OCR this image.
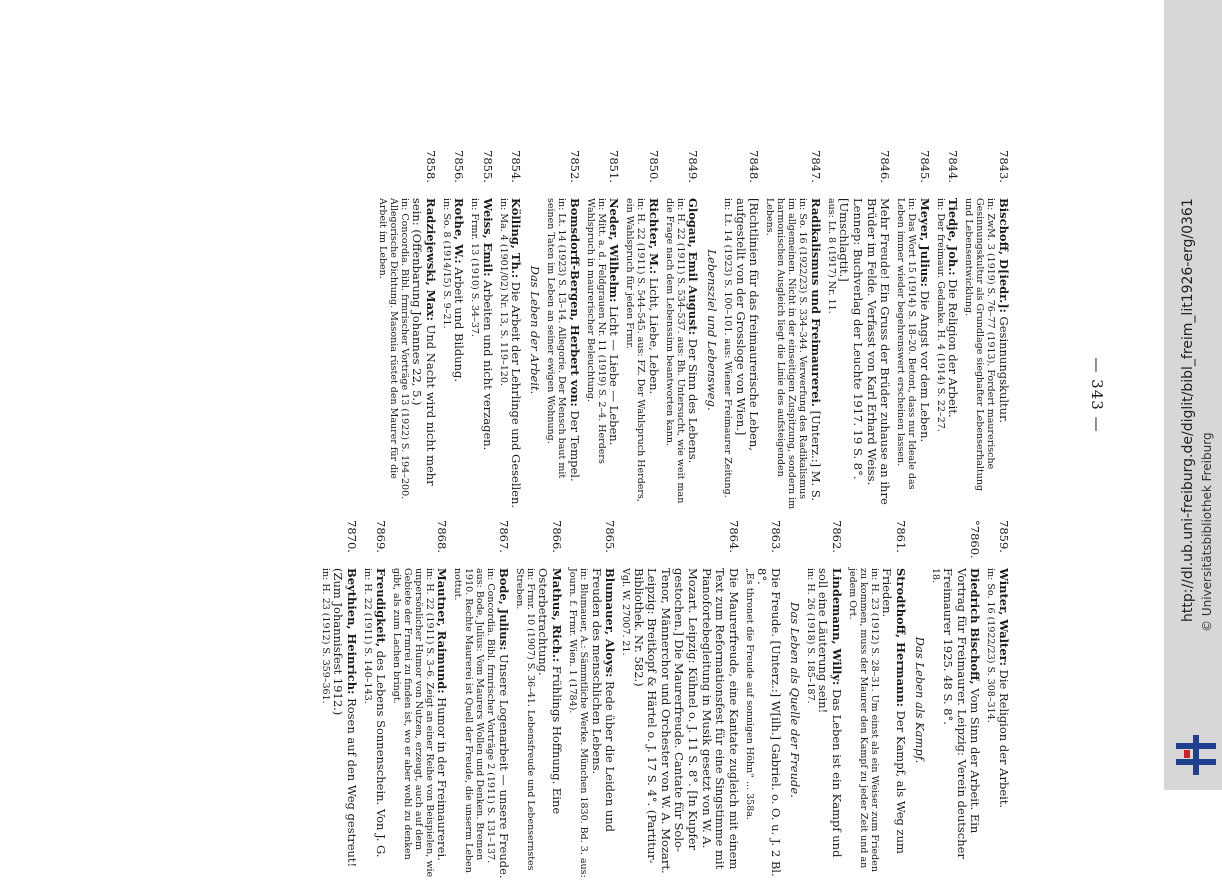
— 343 —
7843.
Bischoff, D[iedr.]: Gesinnungskultur.
in: ZwM. 3 (1919) S. 76–77 (1913). Fordert maurerische Gesinnungskultur als Grundlage sieghafter Lebenserhaltung und Lebensentwicklung.
7844.
Tiedje, Joh.: Die Religion der Arbeit.
in: Der freimaur. Gedanke. H. 4 (1914) S. 22–27.
7845.
Meyer, Julius: Die Angst vor dem Leben.
in: Das Wort 15 (1914) S. 18–20. Betont, dass nur Ideale das Leben immer wieder begehrenswert erscheinen lassen.
7846.
Mehr Freude! Ein Gruss der Brüder zuhause an ihre Brüder im Felde. Verfasst von Karl Erhard Weiss. Lennep: Buchverlag der Leuchte 1917. 19 S. 8°. [Umschlagtit.]
aus: Lt. 8 (1917) Nr. 11.
7847.
Radikalismus und Freimaurerei. [Unterz.:] M. S.
in: So. 16 (1922/23) S. 334–344. Verwerfung des Radikalismus im allgemeinen. Nicht in der einseitigen Zuspitzung, sondern im harmonischen Ausgleich liegt die Linie des aufsteigenden Lebens.
7848.
[Richtlinien für das freimaurerische Leben, aufgestellt von der Grossloge von Wien.]
in: Lt. 14 (1923) S. 100–101. aus: Wiener Freimaurer Zeitung.
Lebensziel und Lebensweg.
7849.
Glogau, Emil August: Der Sinn des Lebens.
in: H. 22 (1911) S. 534–537. aus: Bh. Untersucht, wie weit man die Frage nach dem Lebenssinn beantworten kann.
7850.
Richter, M.: Licht, Liebe, Leben.
in: H. 22 (1911) S. 544–545. aus: FZ. Der Wahlspruch Herders, ein Wahlspruch für jeden Frmr.
7851.
Neder, Wilhelm: Licht — Liebe — Leben.
in: Mitt. a. d. Feldgrauen Nr. 11 (1919) S. 2–4. Herders Wahlspruch in maurerischer Beleuchtung.
7852.
Bomsdorff-Bergen, Herbert von: Der Tempel.
in: Lt. 14 (1923) S. 13–14. Allegorie. Der Mensch baut mit seinen Taten im Leben an seiner ewigen Wohnung.
Das Leben der Arbeit.
7854.
Kölling, Th.: Die Arbeit der Lehrlinge und Gesellen.
in: Ma. 4 (1901/02) Nr. 13, S. 119–120.
7855.
Weiss, Emil: Arbeiten und nicht verzagen.
in: Frmr. 13 (1910) S. 34–37.
7856.
Rothe, W.: Arbeit und Bildung.
in: So. 8 (1914/15) S. 9–21.
7858.
Radziejewski, Max: Und Nacht wird nicht mehr sein: (Offenbarung Johannes 22, 5.)
in: Concordia. Bibl. frmrischer Vorträge 13 (1922) S. 194–200. Allegorische Dichtung. Masonia rüstet den Maurer für die Arbeit im Leben.
7859.
Winter, Walter: Die Religion der Arbeit.
in: So. 16 (1922/23) S. 308–314.
°7860.
Diedrich Bischoff, Vom Sinn der Arbeit. Ein Vortrag für Freimaurer. Leipzig: Verein deutscher Freimaurer 1925. 48 S. 8°.
18.
Das Leben als Kampf.
7861.
Strodthoff, Hermann: Der Kampf, als Weg zum Frieden.
in: H. 23 (1912) S. 28–31. Um einst als ein Weiser zum Frieden zu kommen, muss der Maurer den Kampf zu jeder Zeit und an jedem Ort.
7862.
Lindemann, Willy: Das Leben ist ein Kampf und soll eine Läuterung sein!
in: H. 26 (1918) S. 185–187.
Das Leben als Quelle der Freude.
7863.
Die Freude. [Unterz.:] W[ilh.] Gabriel. o. O. u. J. 2 Bl. 8°.
„Es thronet die Freude auf sonnigen Höhn“ ... 358a.
7864.
Die Maurerfreude, eine Kantate zugleich mit einem Text zum Reformationsfest für eine Singstimme mit Pianofortebegleitung in Musik gesetzt von W. A. Mozart. Leipzig: Kühnel o. J. 11 S. 8°. [In Kupfer gestochen.] Die Maurerfreude. Cantate für Solo-Tenor, Männerchor und Orchester von W. A. Mozart. Leipzig: Breitkopf & Härtel o. J. 17 S. 4°. (Partitur-Bibliothek. Nr. 582.)
Vgl. W. 27007. 21.
7865.
Blumauer, Aloys: Rede über die Leiden und Freuden des menschlichen Lebens.
in: Blumauer, A.: Sämmtliche Werke. München 1830. Bd. 3. aus: Journ. f. Frmr. Wien. 1 (1784).
7866.
Mathus, Rich.: Frühlings Hoffnung. Eine Osterbetrachtung.
in: Frmr. 10 (1907) S. 36–41. Lebensfreude und Lebensernstes Streben.
7867.
Bode, Julius: Unsere Logenarbeit — unsere Freude.
in: Concordia. Bibl. frmrischer Vorträge 2 (1911) S. 131–137. aus: Bode, Julius: Vom Maurers Wollen und Denken. Bremen 1910. Rechte Maurerei ist Quell der Freude, die unserm Leben nottut.
7868.
Mautner, Raimund: Humor in der Freimaurerei.
in: H. 22 (1911) S. 3–6. Zeigt an einer Reihe von Beispielen, wie unpersönlicher Humor von Nutzen, erzeugt, auch auf dem Gebiete der Frmrei zu finden ist, wo er aber wohl zu denken gibt, als zum Lachen bringt.
7869.
Freudigkeit, des Lebens Sonnenschein. Von J. G.
in: H. 22 (1911) S. 140–143.
7870.
Beythien, Heinrich: Rosen auf den Weg gestreut! (Zum Johannisfest 1912.)
in: H. 23 (1912) S. 359–361.
http://dl.ub.uni-freiburg.de/diglit/bibl_freim_lit1926-erg/0361 © Universitätsbibliothek Freiburg
